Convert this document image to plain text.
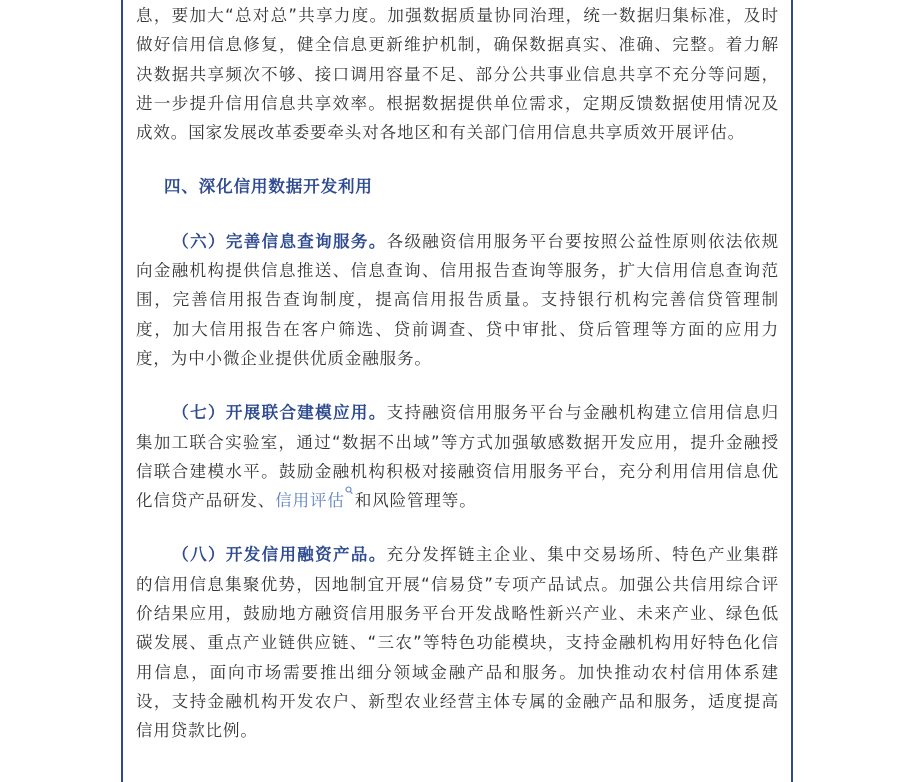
息，要加大“总对总”共享力度。加强数据质量协同治理，统一数据归集标准，及时做好信用信息修复，健全信息更新维护机制，确保数据真实、准确、完整。着力解决数据共享频次不够、接口调用容量不足、部分公共事业信息共享不充分等问题，进一步提升信用信息共享效率。根据数据提供单位需求，定期反馈数据使用情况及成效。国家发展改革委要牵头对各地区和有关部门信用信息共享质效开展评估。

四、深化信用数据开发利用

（六）完善信息查询服务。各级融资信用服务平台要按照公益性原则依法依规向金融机构提供信息推送、信息查询、信用报告查询等服务，扩大信用信息查询范围，完善信用报告查询制度，提高信用报告质量。支持银行机构完善信贷管理制度，加大信用报告在客户筛选、贷前调查、贷中审批、贷后管理等方面的应用力度，为中小微企业提供优质金融服务。

（七）开展联合建模应用。支持融资信用服务平台与金融机构建立信用信息归集加工联合实验室，通过“数据不出域”等方式加强敏感数据开发应用，提升金融授信联合建模水平。鼓励金融机构积极对接融资信用服务平台，充分利用信用信息优化信贷产品研发、信用评估 和风险管理等。

（八）开发信用融资产品。充分发挥链主企业、集中交易场所、特色产业集群的信用信息集聚优势，因地制宜开展“信易贷”专项产品试点。加强公共信用综合评价结果应用，鼓励地方融资信用服务平台开发战略性新兴产业、未来产业、绿色低碳发展、重点产业链供应链、“三农”等特色功能模块，支持金融机构用好特色化信用信息，面向市场需要推出细分领域金融产品和服务。加快推动农村信用体系建设，支持金融机构开发农户、新型农业经营主体专属的金融产品和服务，适度提高信用贷款比例。
